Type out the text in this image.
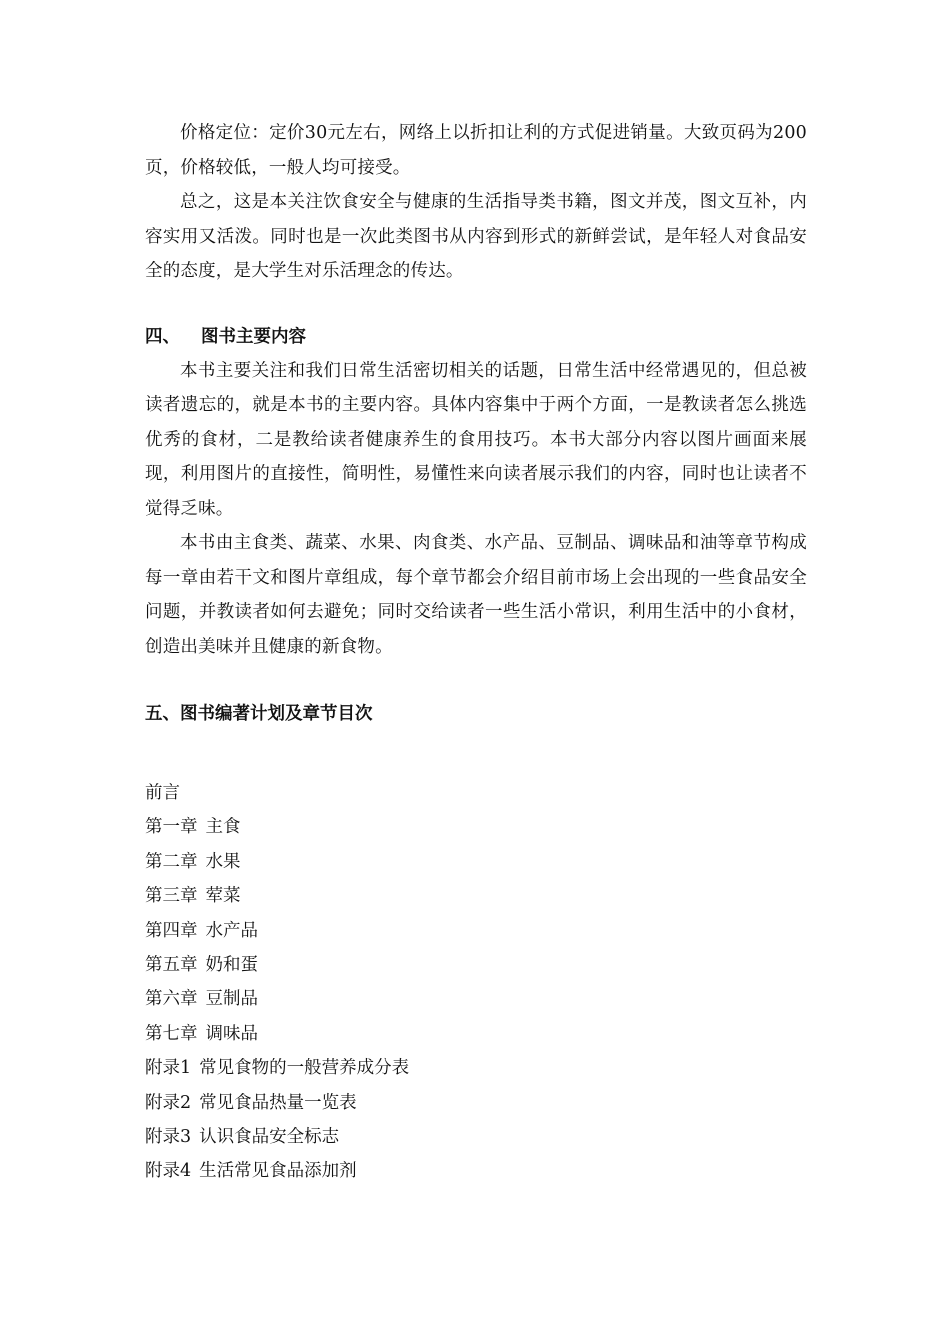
价格定位：定价30元左右，网络上以折扣让利的方式促进销量。大致页码为200页，价格较低，一般人均可接受。

总之，这是本关注饮食安全与健康的生活指导类书籍，图文并茂，图文互补，内容实用又活泼。同时也是一次此类图书从内容到形式的新鲜尝试，是年轻人对食品安全的态度，是大学生对乐活理念的传达。

四、 图书主要内容

本书主要关注和我们日常生活密切相关的话题，日常生活中经常遇见的，但总被读者遗忘的，就是本书的主要内容。具体内容集中于两个方面，一是教读者怎么挑选优秀的食材，二是教给读者健康养生的食用技巧。本书大部分内容以图片画面来展现，利用图片的直接性，简明性，易懂性来向读者展示我们的内容，同时也让读者不觉得乏味。

本书由主食类、蔬菜、水果、肉食类、水产品、豆制品、调味品和油等章节构成每一章由若干文和图片章组成，每个章节都会介绍目前市场上会出现的一些食品安全问题，并教读者如何去避免；同时交给读者一些生活小常识，利用生活中的小食材，创造出美味并且健康的新食物。

五、图书编著计划及章节目次
前言
第一章 主食
第二章 水果
第三章 荤菜
第四章 水产品
第五章 奶和蛋
第六章 豆制品
第七章 调味品
附录1 常见食物的一般营养成分表
附录2 常见食品热量一览表
附录3 认识食品安全标志
附录4 生活常见食品添加剂
